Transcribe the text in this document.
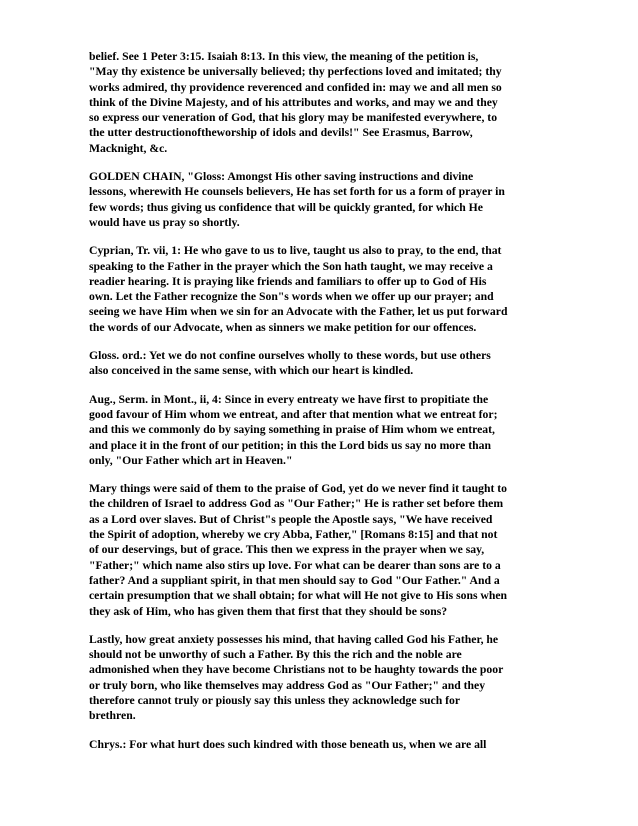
belief. See 1 Peter 3:15. Isaiah 8:13. In this view, the meaning of the petition is,
"May thy existence be universally believed; thy perfections loved and imitated; thy
works admired, thy providence reverenced and confided in: may we and all men so
think of the Divine Majesty, and of his attributes and works, and may we and they
so express our veneration of God, that his glory may be manifested everywhere, to
the utter destructionoftheworship of idols and devils!" See Erasmus, Barrow,
Macknight, &c.

GOLDEN CHAIN, "Gloss: Amongst His other saving instructions and divine
lessons, wherewith He counsels believers, He has set forth for us a form of prayer in
few words; thus giving us confidence that will be quickly granted, for which He
would have us pray so shortly.

Cyprian, Tr. vii, 1: He who gave to us to live, taught us also to pray, to the end, that
speaking to the Father in the prayer which the Son hath taught, we may receive a
readier hearing. It is praying like friends and familiars to offer up to God of His
own. Let the Father recognize the Son"s words when we offer up our prayer; and
seeing we have Him when we sin for an Advocate with the Father, let us put forward
the words of our Advocate, when as sinners we make petition for our offences.

Gloss. ord.: Yet we do not confine ourselves wholly to these words, but use others
also conceived in the same sense, with which our heart is kindled.

Aug., Serm. in Mont., ii, 4: Since in every entreaty we have first to propitiate the
good favour of Him whom we entreat, and after that mention what we entreat for;
and this we commonly do by saying something in praise of Him whom we entreat,
and place it in the front of our petition; in this the Lord bids us say no more than
only, "Our Father which art in Heaven."

Mary things were said of them to the praise of God, yet do we never find it taught to
the children of Israel to address God as "Our Father;" He is rather set before them
as a Lord over slaves. But of Christ"s people the Apostle says, "We have received
the Spirit of adoption, whereby we cry Abba, Father," [Romans 8:15] and that not
of our deservings, but of grace. This then we express in the prayer when we say,
"Father;" which name also stirs up love. For what can be dearer than sons are to a
father? And a suppliant spirit, in that men should say to God "Our Father." And a
certain presumption that we shall obtain; for what will He not give to His sons when
they ask of Him, who has given them that first that they should be sons?

Lastly, how great anxiety possesses his mind, that having called God his Father, he
should not be unworthy of such a Father. By this the rich and the noble are
admonished when they have become Christians not to be haughty towards the poor
or truly born, who like themselves may address God as "Our Father;" and they
therefore cannot truly or piously say this unless they acknowledge such for
brethren.

Chrys.: For what hurt does such kindred with those beneath us, when we are all
